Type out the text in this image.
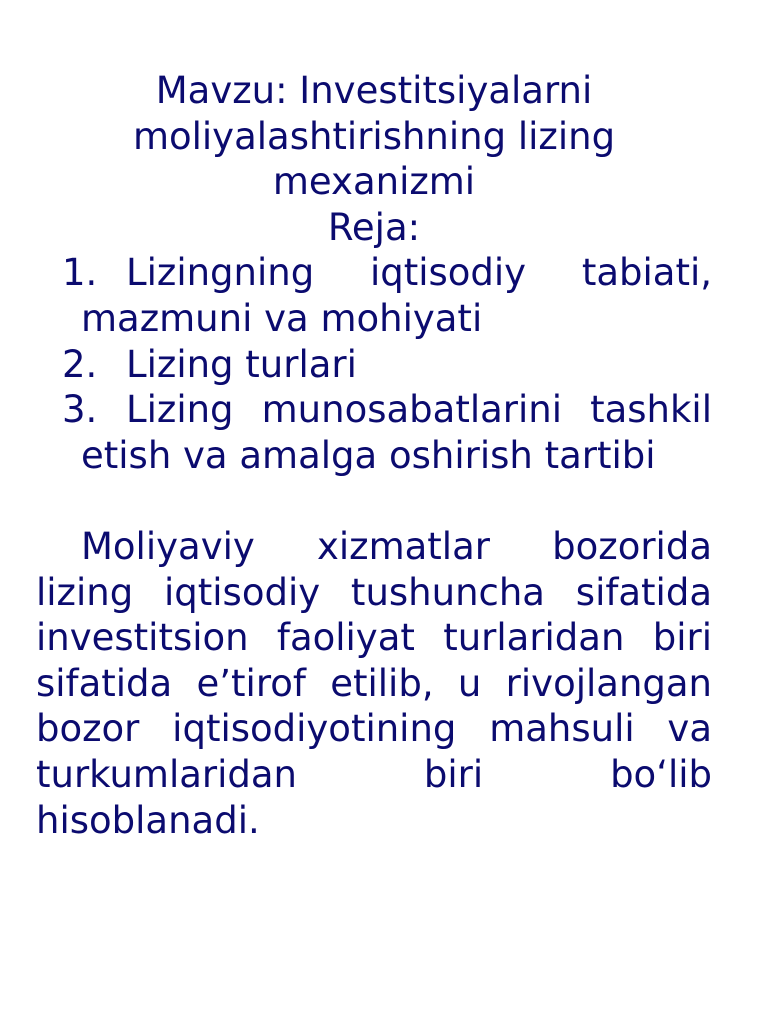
Mavzu: Investitsiyalarni
moliyalashtirishning lizing
mexanizmi
Reja:
1. Lizingning iqtisodiy tabiati, mazmuni va mohiyati
2. Lizing turlari
3. Lizing munosabatlarini tashkil etish va amalga oshirish tartibi

Moliyaviy xizmatlar bozorida lizing iqtisodiy tushuncha sifatida investitsion faoliyat turlaridan biri sifatida e’tirof etilib, u rivojlangan bozor iqtisodiyotining mahsuli va turkumlaridan biri bo‘lib hisoblanadi.
